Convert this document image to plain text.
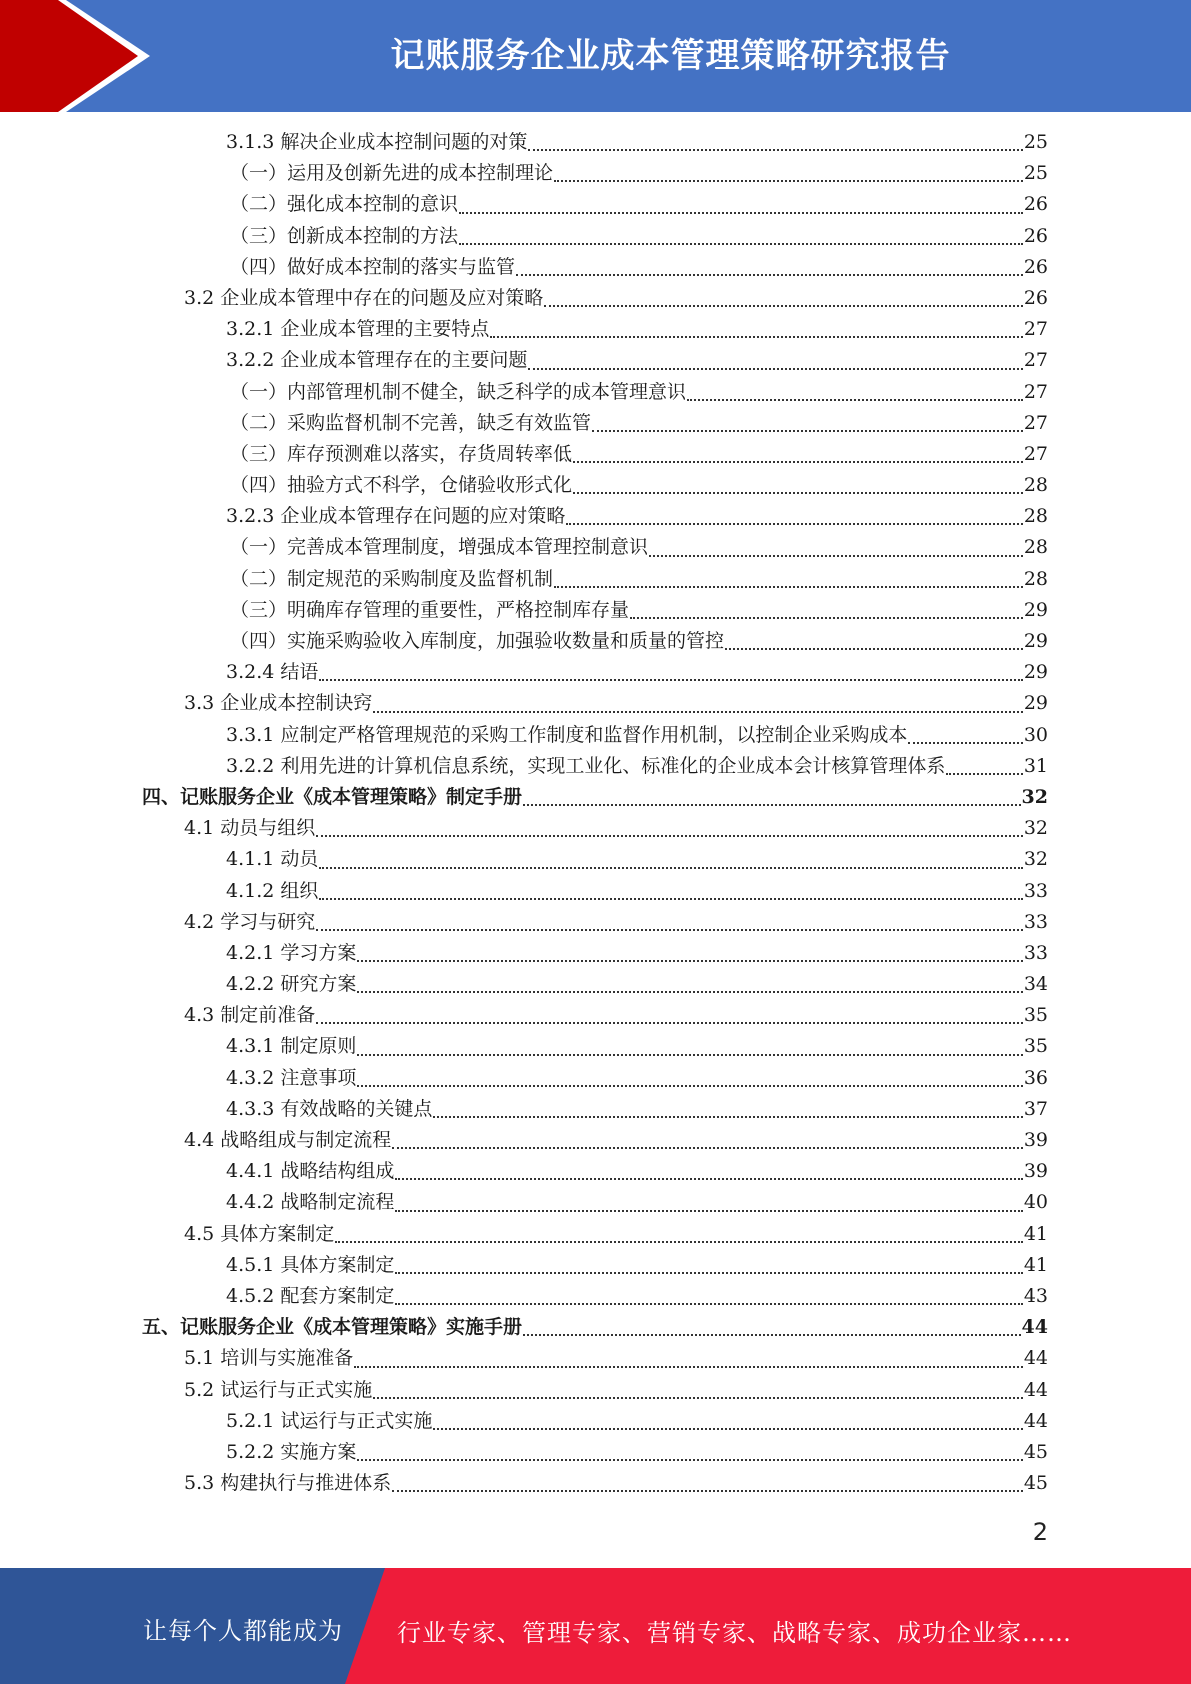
记账服务企业成本管理策略研究报告
3.1.3 解决企业成本控制问题的对策	25
（一）运用及创新先进的成本控制理论	25
（二）强化成本控制的意识	26
（三）创新成本控制的方法	26
（四）做好成本控制的落实与监管	26
3.2 企业成本管理中存在的问题及应对策略	26
3.2.1 企业成本管理的主要特点	27
3.2.2 企业成本管理存在的主要问题	27
（一）内部管理机制不健全，缺乏科学的成本管理意识	27
（二）采购监督机制不完善，缺乏有效监管	27
（三）库存预测难以落实，存货周转率低	27
（四）抽验方式不科学，仓储验收形式化	28
3.2.3 企业成本管理存在问题的应对策略	28
（一）完善成本管理制度，增强成本管理控制意识	28
（二）制定规范的采购制度及监督机制	28
（三）明确库存管理的重要性，严格控制库存量	29
（四）实施采购验收入库制度，加强验收数量和质量的管控	29
3.2.4 结语	29
3.3 企业成本控制诀窍	29
3.3.1 应制定严格管理规范的采购工作制度和监督作用机制，以控制企业采购成本	30
3.2.2 利用先进的计算机信息系统，实现工业化、标准化的企业成本会计核算管理体系	31
四、记账服务企业《成本管理策略》制定手册	32
4.1 动员与组织	32
4.1.1 动员	32
4.1.2 组织	33
4.2 学习与研究	33
4.2.1 学习方案	33
4.2.2 研究方案	34
4.3 制定前准备	35
4.3.1 制定原则	35
4.3.2 注意事项	36
4.3.3 有效战略的关键点	37
4.4 战略组成与制定流程	39
4.4.1 战略结构组成	39
4.4.2 战略制定流程	40
4.5 具体方案制定	41
4.5.1 具体方案制定	41
4.5.2 配套方案制定	43
五、记账服务企业《成本管理策略》实施手册	44
5.1 培训与实施准备	44
5.2 试运行与正式实施	44
5.2.1 试运行与正式实施	44
5.2.2 实施方案	45
5.3 构建执行与推进体系	45
2
让每个人都能成为 行业专家、管理专家、营销专家、战略专家、成功企业家……
